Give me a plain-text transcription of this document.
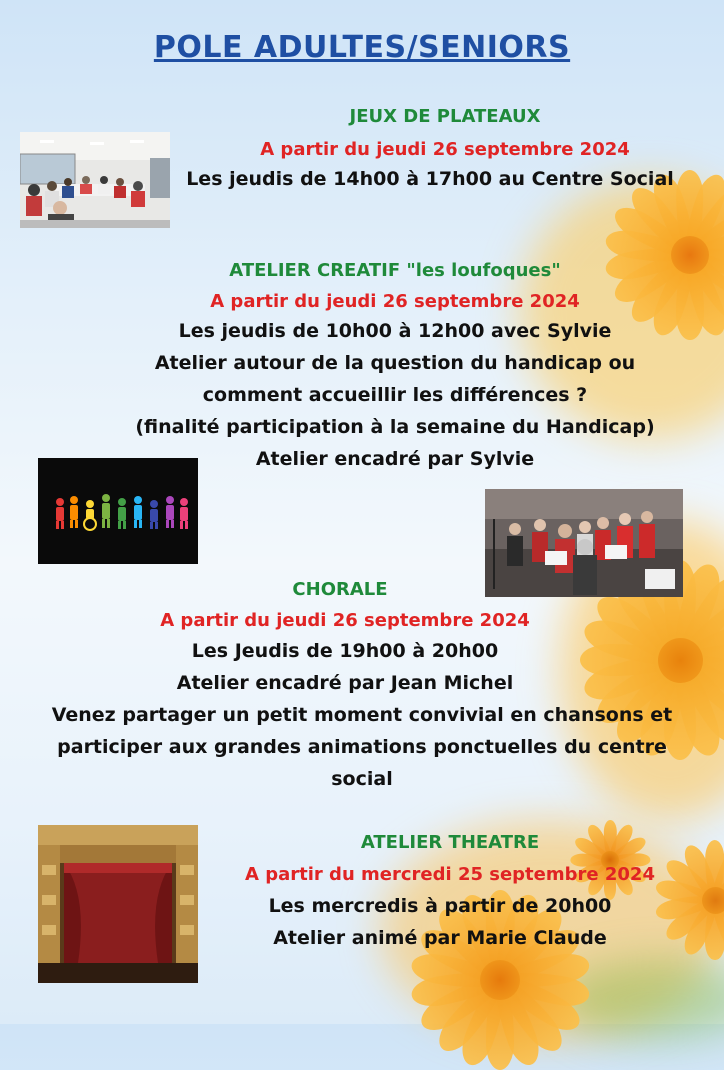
POLE ADULTES/SENIORS
JEUX DE PLATEAUX
A partir du jeudi 26 septembre 2024
Les jeudis de 14h00 à 17h00 au Centre Social
ATELIER CREATIF "les loufoques"
A partir du jeudi 26 septembre 2024
Les jeudis de 10h00 à 12h00 avec Sylvie
Atelier autour de la question du handicap ou
comment accueillir les différences ?
(finalité participation à la semaine du Handicap)
Atelier encadré par Sylvie
CHORALE
A partir du jeudi 26 septembre 2024
Les Jeudis de 19h00 à 20h00
Atelier encadré par Jean Michel
Venez partager un petit moment convivial en chansons et
participer aux grandes animations ponctuelles du centre
social
ATELIER THEATRE
A partir du mercredi 25 septembre 2024
Les mercredis à partir de 20h00
Atelier animé par Marie Claude
